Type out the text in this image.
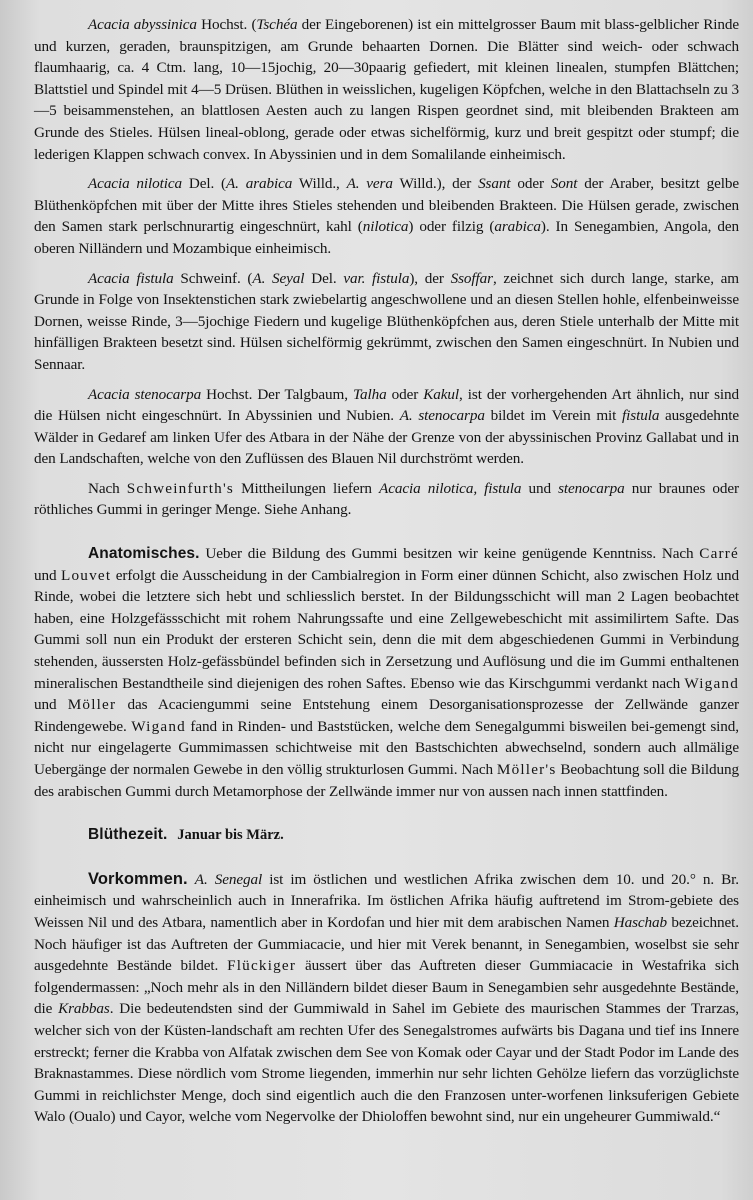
Acacia abyssinica Hochst. (Tschéa der Eingeborenen) ist ein mittelgrosser Baum mit blass-gelblicher Rinde und kurzen, geraden, braunspitzigen, am Grunde behaarten Dornen. Die Blätter sind weich- oder schwach flaumhaarig, ca. 4 Ctm. lang, 10—15jochig, 20—30paarig gefiedert, mit kleinen linealen, stumpfen Blättchen; Blattstiel und Spindel mit 4—5 Drüsen. Blüthen in weisslichen, kugeligen Köpfchen, welche in den Blattachseln zu 3—5 beisammenstehen, an blattlosen Aesten auch zu langen Rispen geordnet sind, mit bleibenden Brakteen am Grunde des Stieles. Hülsen lineal-oblong, gerade oder etwas sichelförmig, kurz und breit gespitzt oder stumpf; die lederigen Klappen schwach convex. In Abyssinien und in dem Somalilande einheimisch.

Acacia nilotica Del. (A. arabica Willd., A. vera Willd.), der Ssant oder Sont der Araber, besitzt gelbe Blüthenköpfchen mit über der Mitte ihres Stieles stehenden und bleibenden Brakteen. Die Hülsen gerade, zwischen den Samen stark perlschnurartig eingeschnürt, kahl (nilotica) oder filzig (arabica). In Senegambien, Angola, den oberen Nilländern und Mozambique einheimisch.

Acacia fistula Schweinf. (A. Seyal Del. var. fistula), der Ssoffar, zeichnet sich durch lange, starke, am Grunde in Folge von Insektenstichen stark zwiebelartig angeschwollene und an diesen Stellen hohle, elfenbeinweisse Dornen, weisse Rinde, 3—5jochige Fiedern und kugelige Blüthenköpfchen aus, deren Stiele unterhalb der Mitte mit hinfälligen Brakteen besetzt sind. Hülsen sichelförmig gekrümmt, zwischen den Samen eingeschnürt. In Nubien und Sennaar.

Acacia stenocarpa Hochst. Der Talgbaum, Talha oder Kakul, ist der vorhergehenden Art ähnlich, nur sind die Hülsen nicht eingeschnürt. In Abyssinien und Nubien. A. stenocarpa bildet im Verein mit fistula ausgedehnte Wälder in Gedaref am linken Ufer des Atbara in der Nähe der Grenze von der abyssinischen Provinz Gallabat und in den Landschaften, welche von den Zuflüssen des Blauen Nil durchströmt werden.

Nach Schweinfurth's Mittheilungen liefern Acacia nilotica, fistula und stenocarpa nur braunes oder röthliches Gummi in geringer Menge. Siehe Anhang.

Anatomisches. Ueber die Bildung des Gummi besitzen wir keine genügende Kenntniss. Nach Carré und Louvet erfolgt die Ausscheidung in der Cambialregion in Form einer dünnen Schicht, also zwischen Holz und Rinde, wobei die letztere sich hebt und schliesslich berstet. In der Bildungsschicht will man 2 Lagen beobachtet haben, eine Holzgefässschicht mit rohem Nahrungssafte und eine Zellgewebeschicht mit assimilirtem Safte. Das Gummi soll nun ein Produkt der ersteren Schicht sein, denn die mit dem abgeschiedenen Gummi in Verbindung stehenden, äussersten Holz-gefässbündel befinden sich in Zersetzung und Auflösung und die im Gummi enthaltenen mineralischen Bestandtheile sind diejenigen des rohen Saftes. Ebenso wie das Kirschgummi verdankt nach Wigand und Möller das Acaciengummi seine Entstehung einem Desorganisationsprozesse der Zellwände ganzer Rindengewebe. Wigand fand in Rinden- und Baststücken, welche dem Senegalgummi bisweilen bei-gemengt sind, nicht nur eingelagerte Gummimassen schichtweise mit den Bastschichten abwechselnd, sondern auch allmälige Uebergänge der normalen Gewebe in den völlig strukturlosen Gummi. Nach Möller's Beobachtung soll die Bildung des arabischen Gummi durch Metamorphose der Zellwände immer nur von aussen nach innen stattfinden.

Blüthezeit. Januar bis März.

Vorkommen. A. Senegal ist im östlichen und westlichen Afrika zwischen dem 10. und 20.° n. Br. einheimisch und wahrscheinlich auch in Innerafrika. Im östlichen Afrika häufig auftretend im Strom-gebiete des Weissen Nil und des Atbara, namentlich aber in Kordofan und hier mit dem arabischen Namen Haschab bezeichnet. Noch häufiger ist das Auftreten der Gummiacacie, und hier mit Verek benannt, in Senegambien, woselbst sie sehr ausgedehnte Bestände bildet. Flückiger äussert über das Auftreten dieser Gummiacacie in Westafrika sich folgendermassen: „Noch mehr als in den Nilländern bildet dieser Baum in Senegambien sehr ausgedehnte Bestände, die Krabbas. Die bedeutendsten sind der Gummiwald in Sahel im Gebiete des maurischen Stammes der Trarzas, welcher sich von der Küsten-landschaft am rechten Ufer des Senegalstromes aufwärts bis Dagana und tief ins Innere erstreckt; ferner die Krabba von Alfatak zwischen dem See von Komak oder Cayar und der Stadt Podor im Lande des Braknastammes. Diese nördlich vom Strome liegenden, immerhin nur sehr lichten Gehölze liefern das vorzüglichste Gummi in reichlichster Menge, doch sind eigentlich auch die den Franzosen unter-worfenen linksuferigen Gebiete Walo (Oualo) und Cayor, welche vom Negervolke der Dhioloffen bewohnt sind, nur ein ungeheurer Gummiwald.“
